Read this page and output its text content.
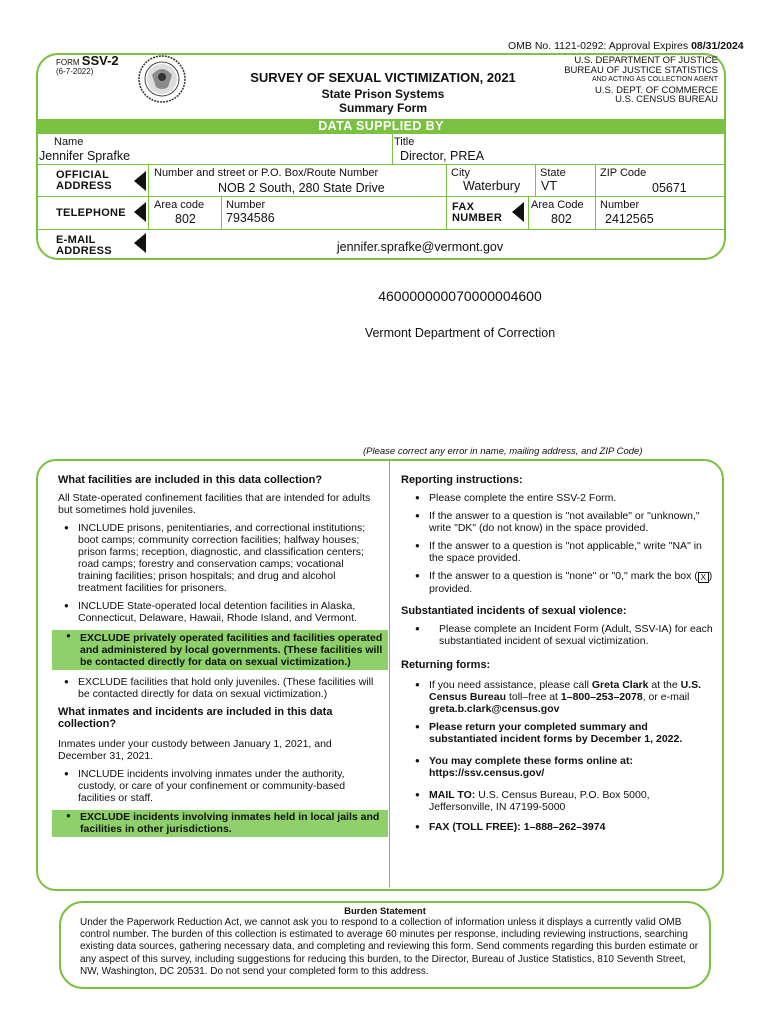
OMB No. 1121-0292: Approval Expires 08/31/2024
FORM SSV-2
(6-7-2022)	SURVEY OF SEXUAL VICTIMIZATION, 2021
State Prison Systems
Summary Form
U.S. DEPARTMENT OF JUSTICE
BUREAU OF JUSTICE STATISTICS
AND ACTING AS COLLECTION AGENT
U.S. DEPT. OF COMMERCE
U.S. CENSUS BUREAU
DATA SUPPLIED BY
Name
Jennifer Sprafke
Title
Director, PREA
OFFICIAL
ADDRESS
Number and street or P.O. Box/Route Number
NOB 2 South, 280 State Drive
City
Waterbury
State
VT
ZIP Code
05671
TELEPHONE
Area code
802
Number
7934586
FAX
NUMBER
Area Code
802
Number
2412565
E-MAIL
ADDRESS	jennifer.sprafke@vermont.gov
460000000070000004600
Vermont Department of Correction
(Please correct any error in name, mailing address, and ZIP Code)
What facilities are included in this data collection?
All State-operated confinement facilities that are intended for adults but sometimes hold juveniles.
● INCLUDE prisons, penitentiaries, and correctional institutions; boot camps; community correction facilities; halfway houses; prison farms; reception, diagnostic, and classification centers; road camps; forestry and conservation camps; vocational training facilities; prison hospitals; and drug and alcohol treatment facilities for prisoners.
● INCLUDE State-operated local detention facilities in Alaska, Connecticut, Delaware, Hawaii, Rhode Island, and Vermont.
● EXCLUDE privately operated facilities and facilities operated and administered by local governments. (These facilities will be contacted directly for data on sexual victimization.)
● EXCLUDE facilities that hold only juveniles. (These facilities will be contacted directly for data on sexual victimization.)
What inmates and incidents are included in this data collection?
Inmates under your custody between January 1, 2021, and December 31, 2021.
● INCLUDE incidents involving inmates under the authority, custody, or care of your confinement or community-based facilities or staff.
● EXCLUDE incidents involving inmates held in local jails and facilities in other jurisdictions.
Reporting instructions:
● Please complete the entire SSV-2 Form.
● If the answer to a question is "not available" or "unknown," write "DK" (do not know) in the space provided.
● If the answer to a question is "not applicable," write "NA" in the space provided.
● If the answer to a question is "none" or "0," mark the box ( X ) provided.
Substantiated incidents of sexual violence:
● Please complete an Incident Form (Adult, SSV-IA) for each substantiated incident of sexual victimization.
Returning forms:
● If you need assistance, please call Greta Clark at the U.S. Census Bureau toll–free at 1–800–253–2078, or e-mail greta.b.clark@census.gov
● Please return your completed summary and substantiated incident forms by December 1, 2022.
● You may complete these forms online at: https://ssv.census.gov/
● MAIL TO: U.S. Census Bureau, P.O. Box 5000, Jeffersonville, IN 47199-5000
● FAX (TOLL FREE): 1–888–262–3974
Burden Statement
Under the Paperwork Reduction Act, we cannot ask you to respond to a collection of information unless it displays a currently valid OMB control number. The burden of this collection is estimated to average 60 minutes per response, including reviewing instructions, searching existing data sources, gathering necessary data, and completing and reviewing this form. Send comments regarding this burden estimate or any aspect of this survey, including suggestions for reducing this burden, to the Director, Bureau of Justice Statistics, 810 Seventh Street, NW, Washington, DC 20531. Do not send your completed form to this address.
